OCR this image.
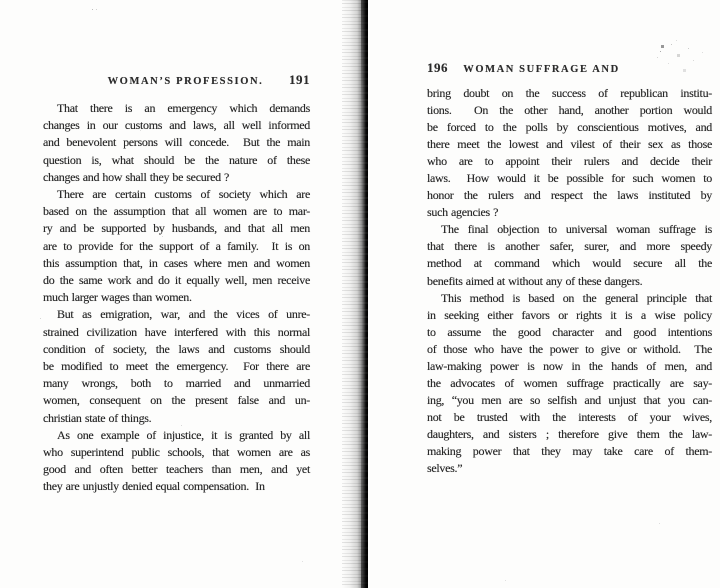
WOMAN’S PROFESSION. 191
That there is an emergency which demands
changes in our customs and laws, all well informed
and benevolent persons will concede.  But the main
question is, what should be the nature of these
changes and how shall they be secured ?
There are certain customs of society which are
based on the assumption that all women are to mar-
ry and be supported by husbands, and that all men
are to provide for the support of a family.  It is on
this assumption that, in cases where men and women
do the same work and do it equally well, men receive
much larger wages than women.
But as emigration, war, and the vices of unre-
strained civilization have interfered with this normal
condition of society, the laws and customs should
be modified to meet the emergency.  For there are
many wrongs, both to married and unmarried
women, consequent on the present false and un-
christian state of things.
As one example of injustice, it is granted by all
who superintend public schools, that women are as
good and often better teachers than men, and yet
they are unjustly denied equal compensation.  In
196 WOMAN SUFFRAGE AND
bring doubt on the success of republican institu-
tions.  On the other hand, another portion would
be forced to the polls by conscientious motives, and
there meet the lowest and vilest of their sex as those
who are to appoint their rulers and decide their
laws.  How would it be possible for such women to
honor the rulers and respect the laws instituted by
such agencies ?
The final objection to universal woman suffrage is
that there is another safer, surer, and more speedy
method at command which would secure all the
benefits aimed at without any of these dangers.
This method is based on the general principle that
in seeking either favors or rights it is a wise policy
to assume the good character and good intentions
of those who have the power to give or withold.  The
law-making power is now in the hands of men, and
the advocates of women suffrage practically are say-
ing, “you men are so selfish and unjust that you can-
not be trusted with the interests of your wives,
daughters, and sisters ; therefore give them the law-
making power that they may take care of them-
selves.”
